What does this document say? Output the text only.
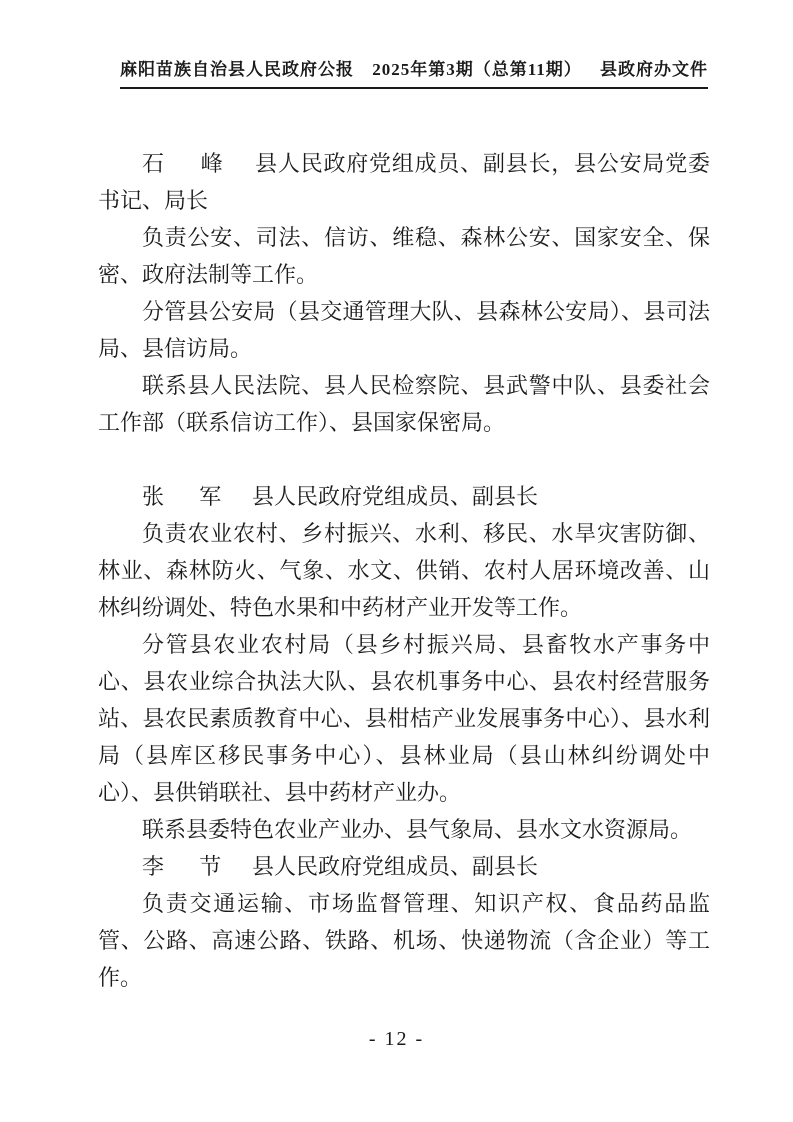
麻阳苗族自治县人民政府公报 2025年第3期（总第11期） 县政府办文件

石　峰 县人民政府党组成员、副县长，县公安局党委书记、局长

负责公安、司法、信访、维稳、森林公安、国家安全、保密、政府法制等工作。

分管县公安局（县交通管理大队、县森林公安局）、县司法局、县信访局。

联系县人民法院、县人民检察院、县武警中队、县委社会工作部（联系信访工作）、县国家保密局。

张　军 县人民政府党组成员、副县长

负责农业农村、乡村振兴、水利、移民、水旱灾害防御、林业、森林防火、气象、水文、供销、农村人居环境改善、山林纠纷调处、特色水果和中药材产业开发等工作。

分管县农业农村局（县乡村振兴局、县畜牧水产事务中心、县农业综合执法大队、县农机事务中心、县农村经营服务站、县农民素质教育中心、县柑桔产业发展事务中心）、县水利局（县库区移民事务中心）、县林业局（县山林纠纷调处中心）、县供销联社、县中药材产业办。

联系县委特色农业产业办、县气象局、县水文水资源局。

李　节 县人民政府党组成员、副县长

负责交通运输、市场监督管理、知识产权、食品药品监管、公路、高速公路、铁路、机场、快递物流（含企业）等工作。

- 12 -
